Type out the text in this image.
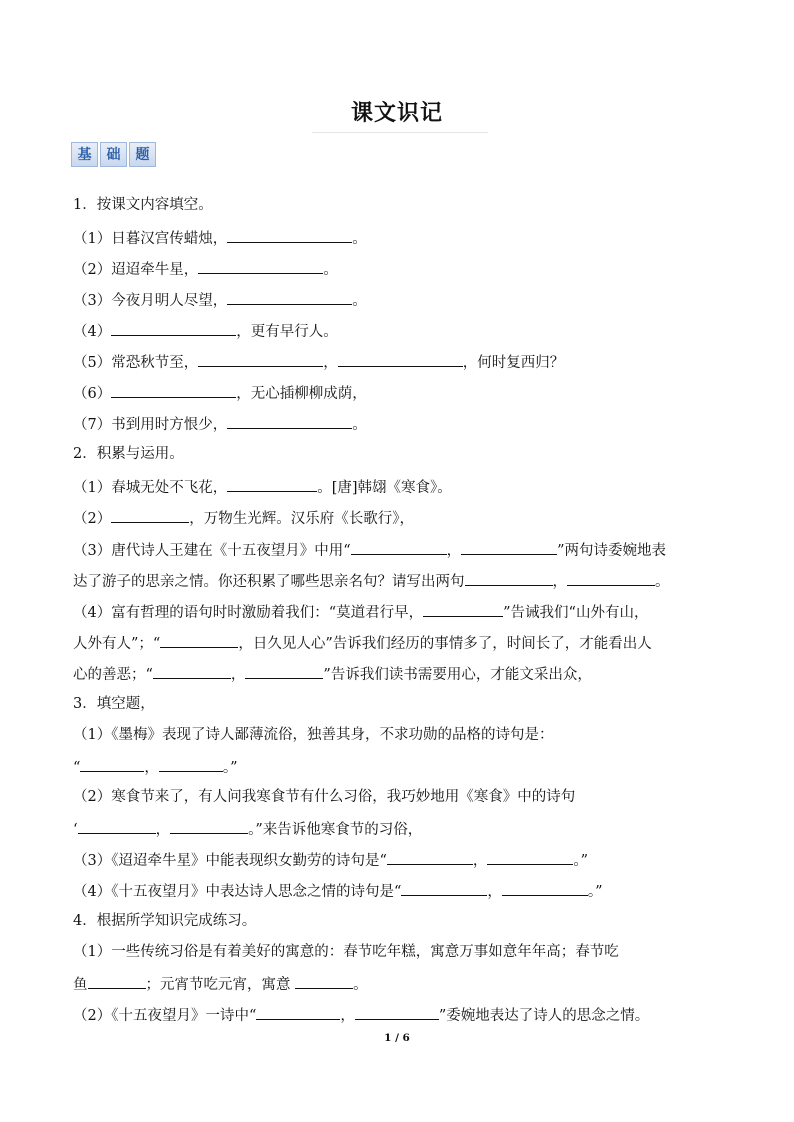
课文识记
基	础	题
1．按课文内容填空。
（1）日暮汉宫传蜡烛，	。
（2）迢迢牵牛星，	。
（3）今夜月明人尽望，	。
（4）	，更有早行人。
（5）常恐秋节至，	，	，何时复西归？
（6）	，无心插柳柳成荫，
（7）书到用时方恨少，	。
2．积累与运用。
（1）春城无处不飞花，	。[唐]韩翃《寒食》。
（2）	，万物生光辉。汉乐府《长歌行》，
（3）唐代诗人王建在《十五夜望月》中用“	，	”两句诗委婉地表
达了游子的思亲之情。你还积累了哪些思亲名句？请写出两句	，	。
（4）富有哲理的语句时时激励着我们：“莫道君行早，	”告诫我们“山外有山，
人外有人”；“	，日久见人心”告诉我们经历的事情多了，时间长了，才能看出人
心的善恶；“	，	”告诉我们读书需要用心，才能文采出众，
3．填空题，
（1）《墨梅》表现了诗人鄙薄流俗，独善其身，不求功勋的品格的诗句是：
“	，	。”
（2）寒食节来了，有人问我寒食节有什么习俗，我巧妙地用《寒食》中的诗句
‘	，	。”来告诉他寒食节的习俗，
（3）《迢迢牵牛星》中能表现织女勤劳的诗句是“	，	。”
（4）《十五夜望月》中表达诗人思念之情的诗句是“	，	。”
4．根据所学知识完成练习。
（1）一些传统习俗是有着美好的寓意的：春节吃年糕，寓意万事如意年年高；春节吃
鱼	；元宵节吃元宵，寓意	。
（2）《十五夜望月》一诗中“	，	”委婉地表达了诗人的思念之情。
1 / 6
